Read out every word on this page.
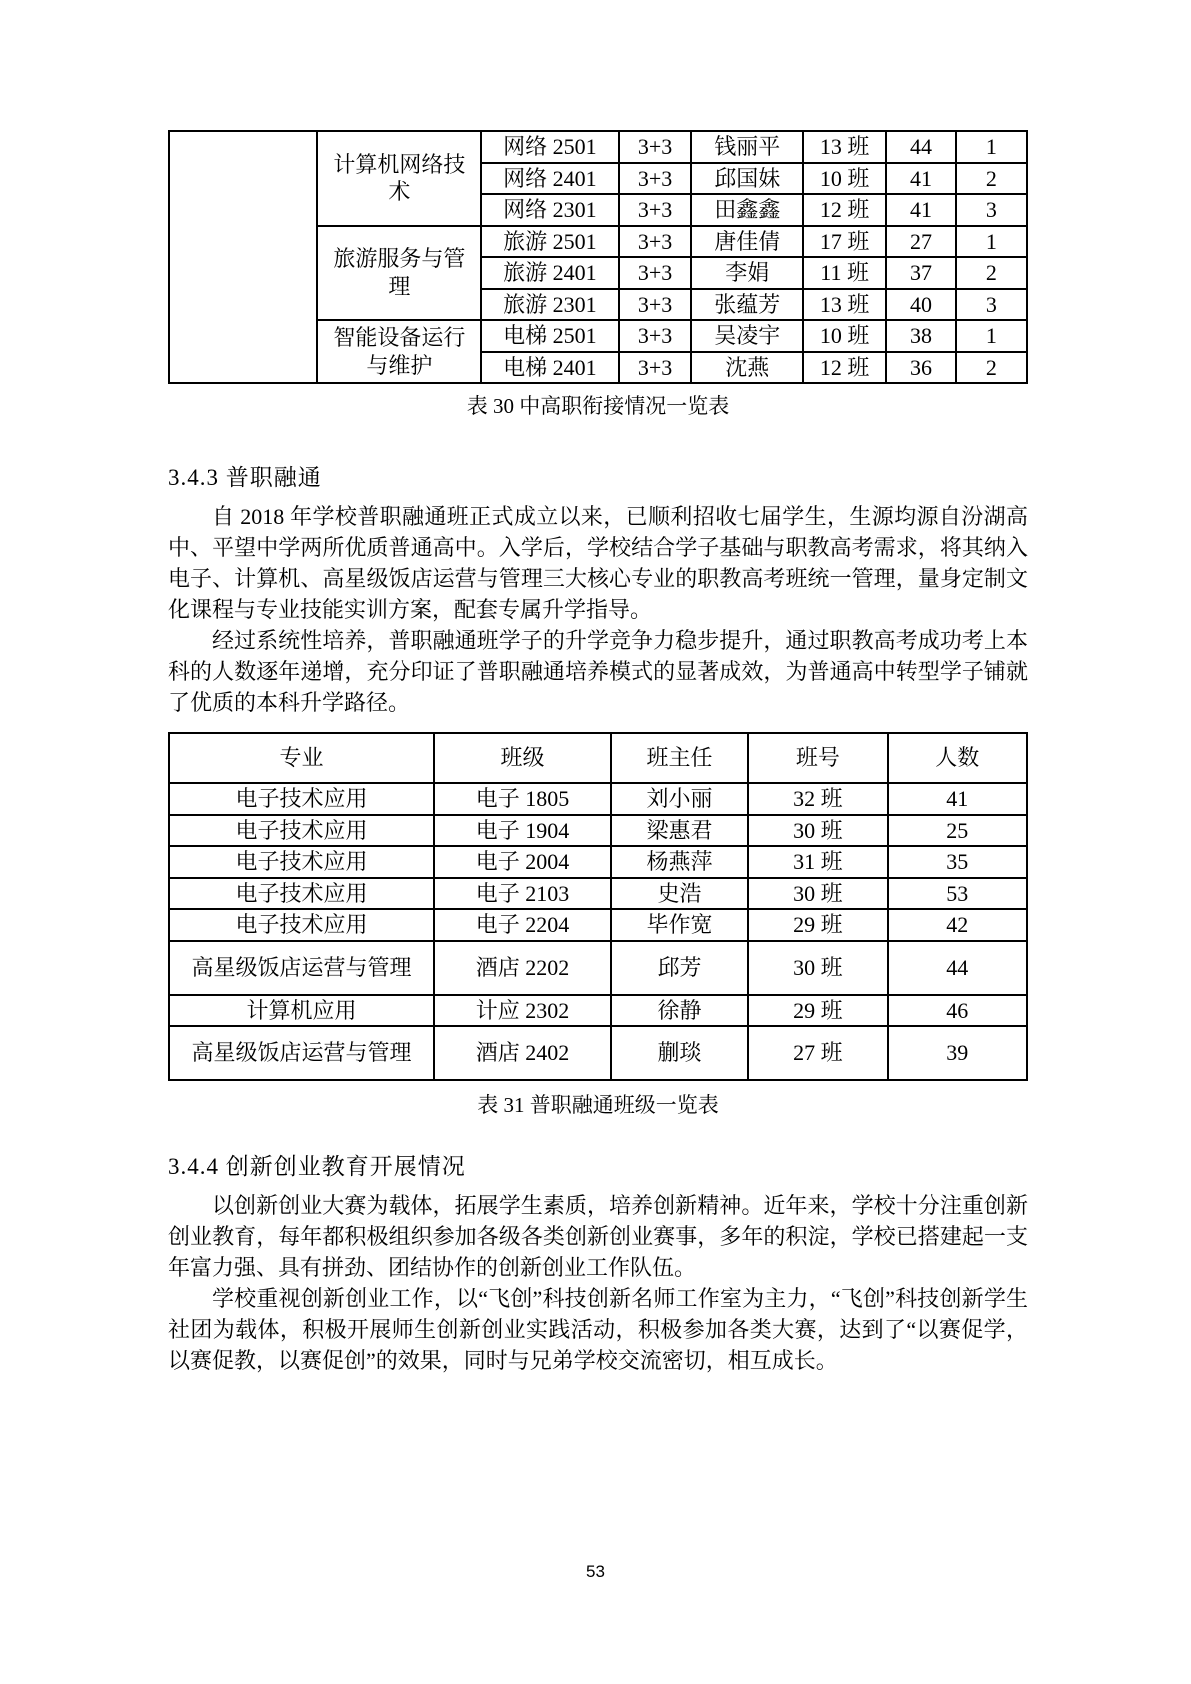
	计算机网络技术	网络 2501	3+3	钱丽平	13 班	44	1
		网络 2401	3+3	邱国妹	10 班	41	2
		网络 2301	3+3	田鑫鑫	12 班	41	3
	旅游服务与管理	旅游 2501	3+3	唐佳倩	17 班	27	1
		旅游 2401	3+3	李娟	11 班	37	2
		旅游 2301	3+3	张蕴芳	13 班	40	3
	智能设备运行与维护	电梯 2501	3+3	吴凌宇	10 班	38	1
		电梯 2401	3+3	沈燕	12 班	36	2
表 30 中高职衔接情况一览表
3.4.3 普职融通

自 2018 年学校普职融通班正式成立以来，已顺利招收七届学生，生源均源自汾湖高中、平望中学两所优质普通高中。入学后，学校结合学子基础与职教高考需求，将其纳入电子、计算机、高星级饭店运营与管理三大核心专业的职教高考班统一管理，量身定制文化课程与专业技能实训方案，配套专属升学指导。

经过系统性培养，普职融通班学子的升学竞争力稳步提升，通过职教高考成功考上本科的人数逐年递增，充分印证了普职融通培养模式的显著成效，为普通高中转型学子铺就了优质的本科升学路径。

专业	班级	班主任	班号	人数
电子技术应用	电子 1805	刘小丽	32 班	41
电子技术应用	电子 1904	梁惠君	30 班	25
电子技术应用	电子 2004	杨燕萍	31 班	35
电子技术应用	电子 2103	史浩	30 班	53
电子技术应用	电子 2204	毕作宽	29 班	42
高星级饭店运营与管理	酒店 2202	邱芳	30 班	44
计算机应用	计应 2302	徐静	29 班	46
高星级饭店运营与管理	酒店 2402	蒯琰	27 班	39
表 31 普职融通班级一览表
3.4.4 创新创业教育开展情况

以创新创业大赛为载体，拓展学生素质，培养创新精神。近年来，学校十分注重创新创业教育，每年都积极组织参加各级各类创新创业赛事，多年的积淀，学校已搭建起一支年富力强、具有拼劲、团结协作的创新创业工作队伍。

学校重视创新创业工作，以“飞创”科技创新名师工作室为主力，“飞创”科技创新学生社团为载体，积极开展师生创新创业实践活动，积极参加各类大赛，达到了“以赛促学，以赛促教，以赛促创”的效果，同时与兄弟学校交流密切，相互成长。

53
